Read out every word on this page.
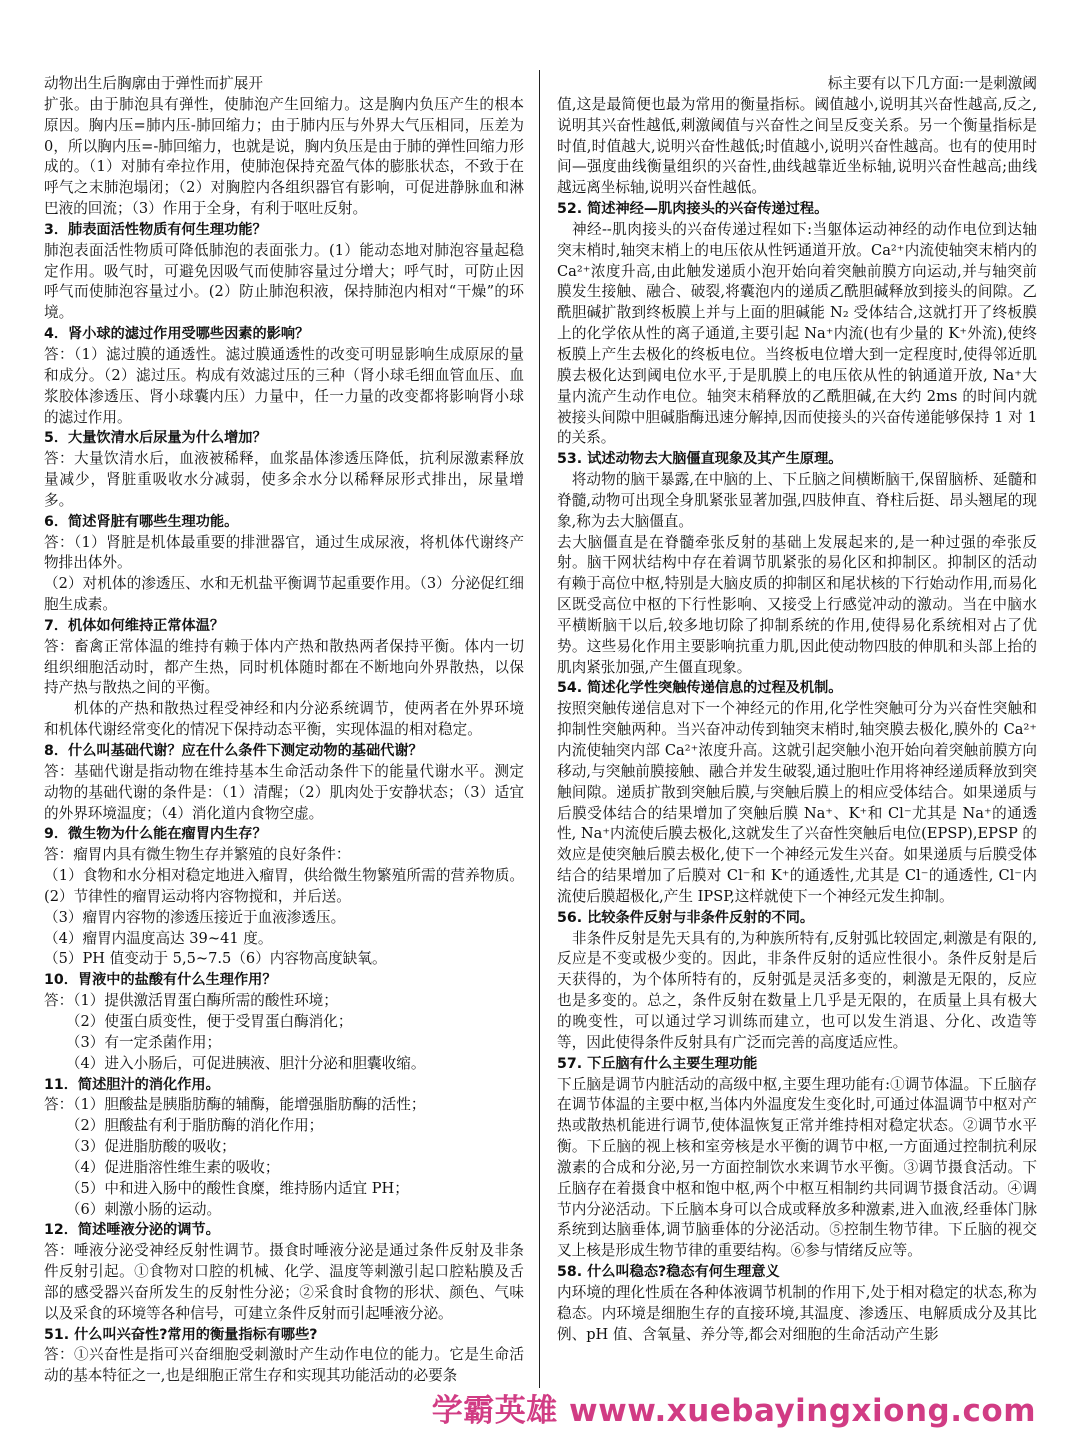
动物出生后胸廓由于弹性而扩展开

扩张。由于肺泡具有弹性，使肺泡产生回缩力。这是胸内负压产生的根本原因。胸内压=肺内压-肺回缩力；由于肺内压与外界大气压相同，压差为0，所以胸内压=-肺回缩力，也就是说，胸内负压是由于肺的弹性回缩力形成的。（1）对肺有牵拉作用，使肺泡保持充盈气体的膨胀状态，不致于在呼气之末肺泡塌闭；（2）对胸腔内各组织器官有影响，可促进静脉血和淋巴液的回流；（3）作用于全身，有利于呕吐反射。

3．肺表面活性物质有何生理功能？

肺泡表面活性物质可降低肺泡的表面张力。(1）能动态地对肺泡容量起稳定作用。吸气时，可避免因吸气而使肺容量过分增大；呼气时，可防止因呼气而使肺泡容量过小。(2）防止肺泡积液，保持肺泡内相对“干燥”的环境。

4．肾小球的滤过作用受哪些因素的影响？

答：（1）滤过膜的通透性。滤过膜通透性的改变可明显影响生成原尿的量和成分。（2）滤过压。构成有效滤过压的三种（肾小球毛细血管血压、血浆胶体渗透压、肾小球囊内压）力量中，任一力量的改变都将影响肾小球的滤过作用。

5．大量饮清水后尿量为什么增加？

答：大量饮清水后，血液被稀释，血浆晶体渗透压降低，抗利尿激素释放量减少，肾脏重吸收水分减弱，使多余水分以稀释尿形式排出，尿量增多。

6．简述肾脏有哪些生理功能。

答：（1）肾脏是机体最重要的排泄器官，通过生成尿液，将机体代谢终产物排出体外。

（2）对机体的渗透压、水和无机盐平衡调节起重要作用。（3）分泌促红细胞生成素。

7．机体如何维持正常体温？

答：畜禽正常体温的维持有赖于体内产热和散热两者保持平衡。体内一切组织细胞活动时，都产生热，同时机体随时都在不断地向外界散热，以保持产热与散热之间的平衡。

　　机体的产热和散热过程受神经和内分泌系统调节，使两者在外界环境和机体代谢经常变化的情况下保持动态平衡，实现体温的相对稳定。

8．什么叫基础代谢？应在什么条件下测定动物的基础代谢？

答：基础代谢是指动物在维持基本生命活动条件下的能量代谢水平。测定动物的基础代谢的条件是：（1）清醒；（2）肌肉处于安静状态；（3）适宜的外界环境温度；（4）消化道内食物空虚。

9．微生物为什么能在瘤胃内生存？

答：瘤胃内具有微生物生存并繁殖的良好条件：

（1）食物和水分相对稳定地进入瘤胃，供给微生物繁殖所需的营养物质。(2）节律性的瘤胃运动将内容物搅和，并后送。

（3）瘤胃内容物的渗透压接近于血液渗透压。

（4）瘤胃内温度高达 39~41 度。

（5）PH 值变动于 5,5~7.5（6）内容物高度缺氧。

10．胃液中的盐酸有什么生理作用？

答：（1）提供激活胃蛋白酶所需的酸性环境；

　　（2）使蛋白质变性，便于受胃蛋白酶消化；

　　（3）有一定杀菌作用；

　　（4）进入小肠后，可促进胰液、胆汁分泌和胆囊收缩。

11．简述胆汁的消化作用。

答：（1）胆酸盐是胰脂肪酶的辅酶，能增强脂肪酶的活性；

　　（2）胆酸盐有利于脂肪酶的消化作用；

　　（3）促进脂肪酸的吸收；

　　（4）促进脂溶性维生素的吸收；

　　（5）中和进入肠中的酸性食糜，维持肠内适宜 PH；

　　（6）刺激小肠的运动。

12．简述唾液分泌的调节。

答：唾液分泌受神经反射性调节。摄食时唾液分泌是通过条件反射及非条件反射引起。①食物对口腔的机械、化学、温度等刺激引起口腔粘膜及舌部的感受器兴奋所发生的反射性分泌；②采食时食物的形状、颜色、气味以及采食的环境等各种信号，可建立条件反射而引起唾液分泌。

51. 什么叫兴奋性?常用的衡量指标有哪些?

答：①兴奋性是指可兴奋细胞受刺激时产生动作电位的能力。它是生命活动的基本特征之一,也是细胞正常生存和实现其功能活动的必要条

标主要有以下几方面:一是刺激阈

值,这是最简便也最为常用的衡量指标。阈值越小,说明其兴奋性越高,反之,说明其兴奋性越低,刺激阈值与兴奋性之间呈反变关系。另一个衡量指标是时值,时值越大,说明兴奋性越低;时值越小,说明兴奋性越高。也有的使用时间—强度曲线衡量组织的兴奋性,曲线越靠近坐标轴,说明兴奋性越高;曲线越远离坐标轴,说明兴奋性越低。

52. 简述神经—肌肉接头的兴奋传递过程。

　神经--肌肉接头的兴奋传递过程如下:当躯体运动神经的动作电位到达轴突末梢时,轴突末梢上的电压依从性钙通道开放。Ca²⁺内流使轴突末梢内的 Ca²⁺浓度升高,由此触发递质小泡开始向着突触前膜方向运动,并与轴突前膜发生接触、融合、破裂,将囊泡内的递质乙酰胆碱释放到接头的间隙。乙酰胆碱扩散到终板膜上并与上面的胆碱能 N₂ 受体结合,这就打开了终板膜上的化学依从性的离子通道,主要引起 Na⁺内流(也有少量的 K⁺外流),使终板膜上产生去极化的终板电位。当终板电位增大到一定程度时,使得邻近肌膜去极化达到阈电位水平,于是肌膜上的电压依从性的钠通道开放, Na⁺大量内流产生动作电位。轴突末稍释放的乙酰胆碱,在大约 2ms 的时间内就被接头间隙中胆碱脂酶迅速分解掉,因而使接头的兴奋传递能够保持 1 对 1 的关系。

53. 试述动物去大脑僵直现象及其产生原理。

　将动物的脑干暴露,在中脑的上、下丘脑之间横断脑干,保留脑桥、延髓和脊髓,动物可出现全身肌紧张显著加强,四肢伸直、脊柱后挺、昂头翘尾的现象,称为去大脑僵直。

去大脑僵直是在脊髓牵张反射的基础上发展起来的,是一种过强的牵张反射。脑干网状结构中存在着调节肌紧张的易化区和抑制区。抑制区的活动有赖于高位中枢,特别是大脑皮质的抑制区和尾状核的下行始动作用,而易化区既受高位中枢的下行性影响、又接受上行感觉冲动的激动。当在中脑水平横断脑干以后,较多地切除了抑制系统的作用,使得易化系统相对占了优势。这些易化作用主要影响抗重力肌,因此使动物四肢的伸肌和头部上抬的肌肉紧张加强,产生僵直现象。

54. 简述化学性突触传递信息的过程及机制。

按照突触传递信息对下一个神经元的作用,化学性突触可分为兴奋性突触和抑制性突触两种。当兴奋冲动传到轴突末梢时,轴突膜去极化,膜外的 Ca²⁺内流使轴突内部 Ca²⁺浓度升高。这就引起突触小泡开始向着突触前膜方向移动,与突触前膜接触、融合并发生破裂,通过胞吐作用将神经递质释放到突触间隙。递质扩散到突触后膜,与突触后膜上的相应受体结合。如果递质与后膜受体结合的结果增加了突触后膜 Na⁺、K⁺和 Cl⁻尤其是 Na⁺的通透性, Na⁺内流使后膜去极化,这就发生了兴奋性突触后电位(EPSP),EPSP 的效应是使突触后膜去极化,使下一个神经元发生兴奋。如果递质与后膜受体结合的结果增加了后膜对 Cl⁻和 K⁺的通透性,尤其是 Cl⁻的通透性, Cl⁻内流使后膜超极化,产生 IPSP,这样就使下一个神经元发生抑制。

56. 比较条件反射与非条件反射的不同。

　非条件反射是先天具有的,为种族所特有,反射弧比较固定,刺激是有限的,反应是不变或极少变的。因此，非条件反射的适应性很小。条件反射是后天获得的，为个体所特有的，反射弧是灵活多变的，刺激是无限的，反应也是多变的。总之，条件反射在数量上几乎是无限的，在质量上具有极大的晚变性，可以通过学习训练而建立，也可以发生消退、分化、改造等等，因此使得条件反射具有广泛而完善的高度适应性。

57. 下丘脑有什么主要生理功能

下丘脑是调节内脏活动的高级中枢,主要生理功能有:①调节体温。下丘脑存在调节体温的主要中枢,当体内外温度发生变化时,可通过体温调节中枢对产热或散热机能进行调节,使体温恢复正常并维持相对稳定状态。②调节水平衡。下丘脑的视上核和室旁核是水平衡的调节中枢,一方面通过控制抗利尿激素的合成和分泌,另一方面控制饮水来调节水平衡。③调节摄食活动。下丘脑存在着摄食中枢和饱中枢,两个中枢互相制约共同调节摄食活动。④调节内分泌活动。下丘脑本身可以合成或释放多种激素,进入血液,经垂体门脉系统到达脑垂体,调节脑垂体的分泌活动。⑤控制生物节律。下丘脑的视交叉上核是形成生物节律的重要结构。⑥参与情绪反应等。

58. 什么叫稳态?稳态有何生理意义

内环境的理化性质在各种体液调节机制的作用下,处于相对稳定的状态,称为稳态。内环境是细胞生存的直接环境,其温度、渗透压、电解质成分及其比例、pH 值、含氧量、养分等,都会对细胞的生命活动产生影

学霸英雄 www.xuebayingxiong.com
